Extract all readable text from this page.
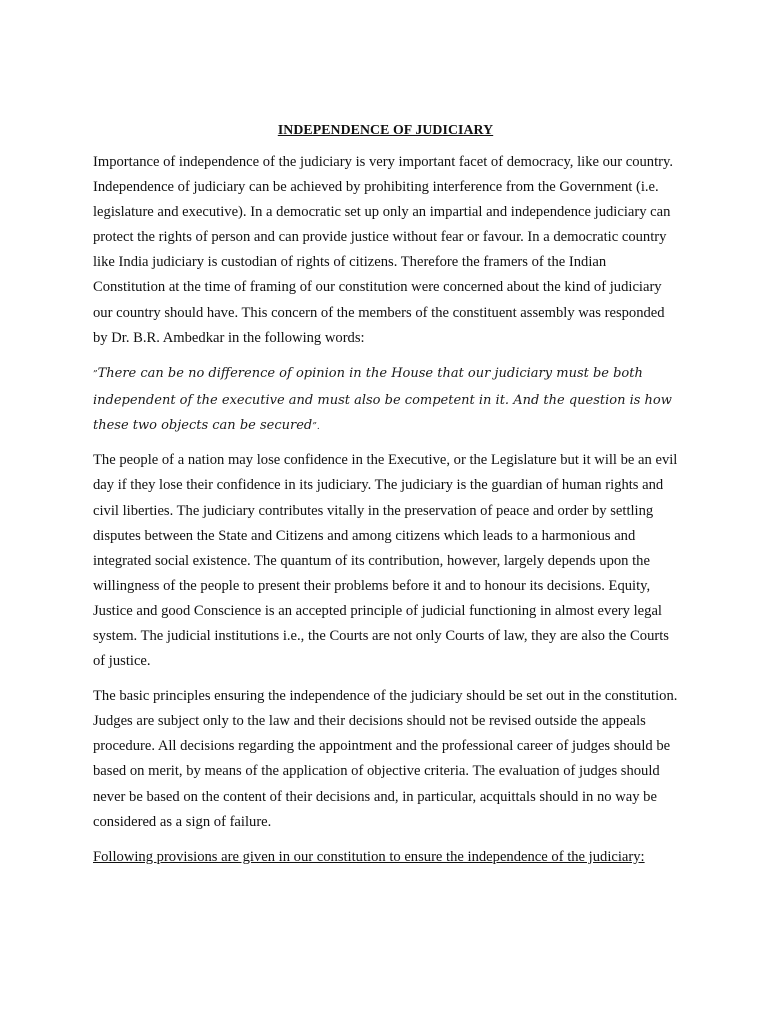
INDEPENDENCE OF JUDICIARY

Importance of independence of the judiciary is very important facet of democracy, like our country. Independence of judiciary can be achieved by prohibiting interference from the Government (i.e. legislature and executive). In a democratic set up only an impartial and independence judiciary can protect the rights of person and can provide justice without fear or favour. In a democratic country like India judiciary is custodian of rights of citizens. Therefore the framers of the Indian Constitution at the time of framing of our constitution were concerned about the kind of judiciary our country should have. This concern of the members of the constituent assembly was responded by Dr. B.R. Ambedkar in the following words:

”There can be no difference of opinion in the House that our judiciary must be both independent of the executive and must also be competent in it. And the question is how these two objects can be secured”.

The people of a nation may lose confidence in the Executive, or the Legislature but it will be an evil day if they lose their confidence in its judiciary. The judiciary is the guardian of human rights and civil liberties. The judiciary contributes vitally in the preservation of peace and order by settling disputes between the State and Citizens and among citizens which leads to a harmonious and integrated social existence. The quantum of its contribution, however, largely depends upon the willingness of the people to present their problems before it and to honour its decisions. Equity, Justice and good Conscience is an accepted principle of judicial functioning in almost every legal system. The judicial institutions i.e., the Courts are not only Courts of law, they are also the Courts of justice.

The basic principles ensuring the independence of the judiciary should be set out in the constitution. Judges are subject only to the law and their decisions should not be revised outside the appeals procedure. All decisions regarding the appointment and the professional career of judges should be based on merit, by means of the application of objective criteria. The evaluation of judges should never be based on the content of their decisions and, in particular, acquittals should in no way be considered as a sign of failure.

Following provisions are given in our constitution to ensure the independence of the judiciary:
